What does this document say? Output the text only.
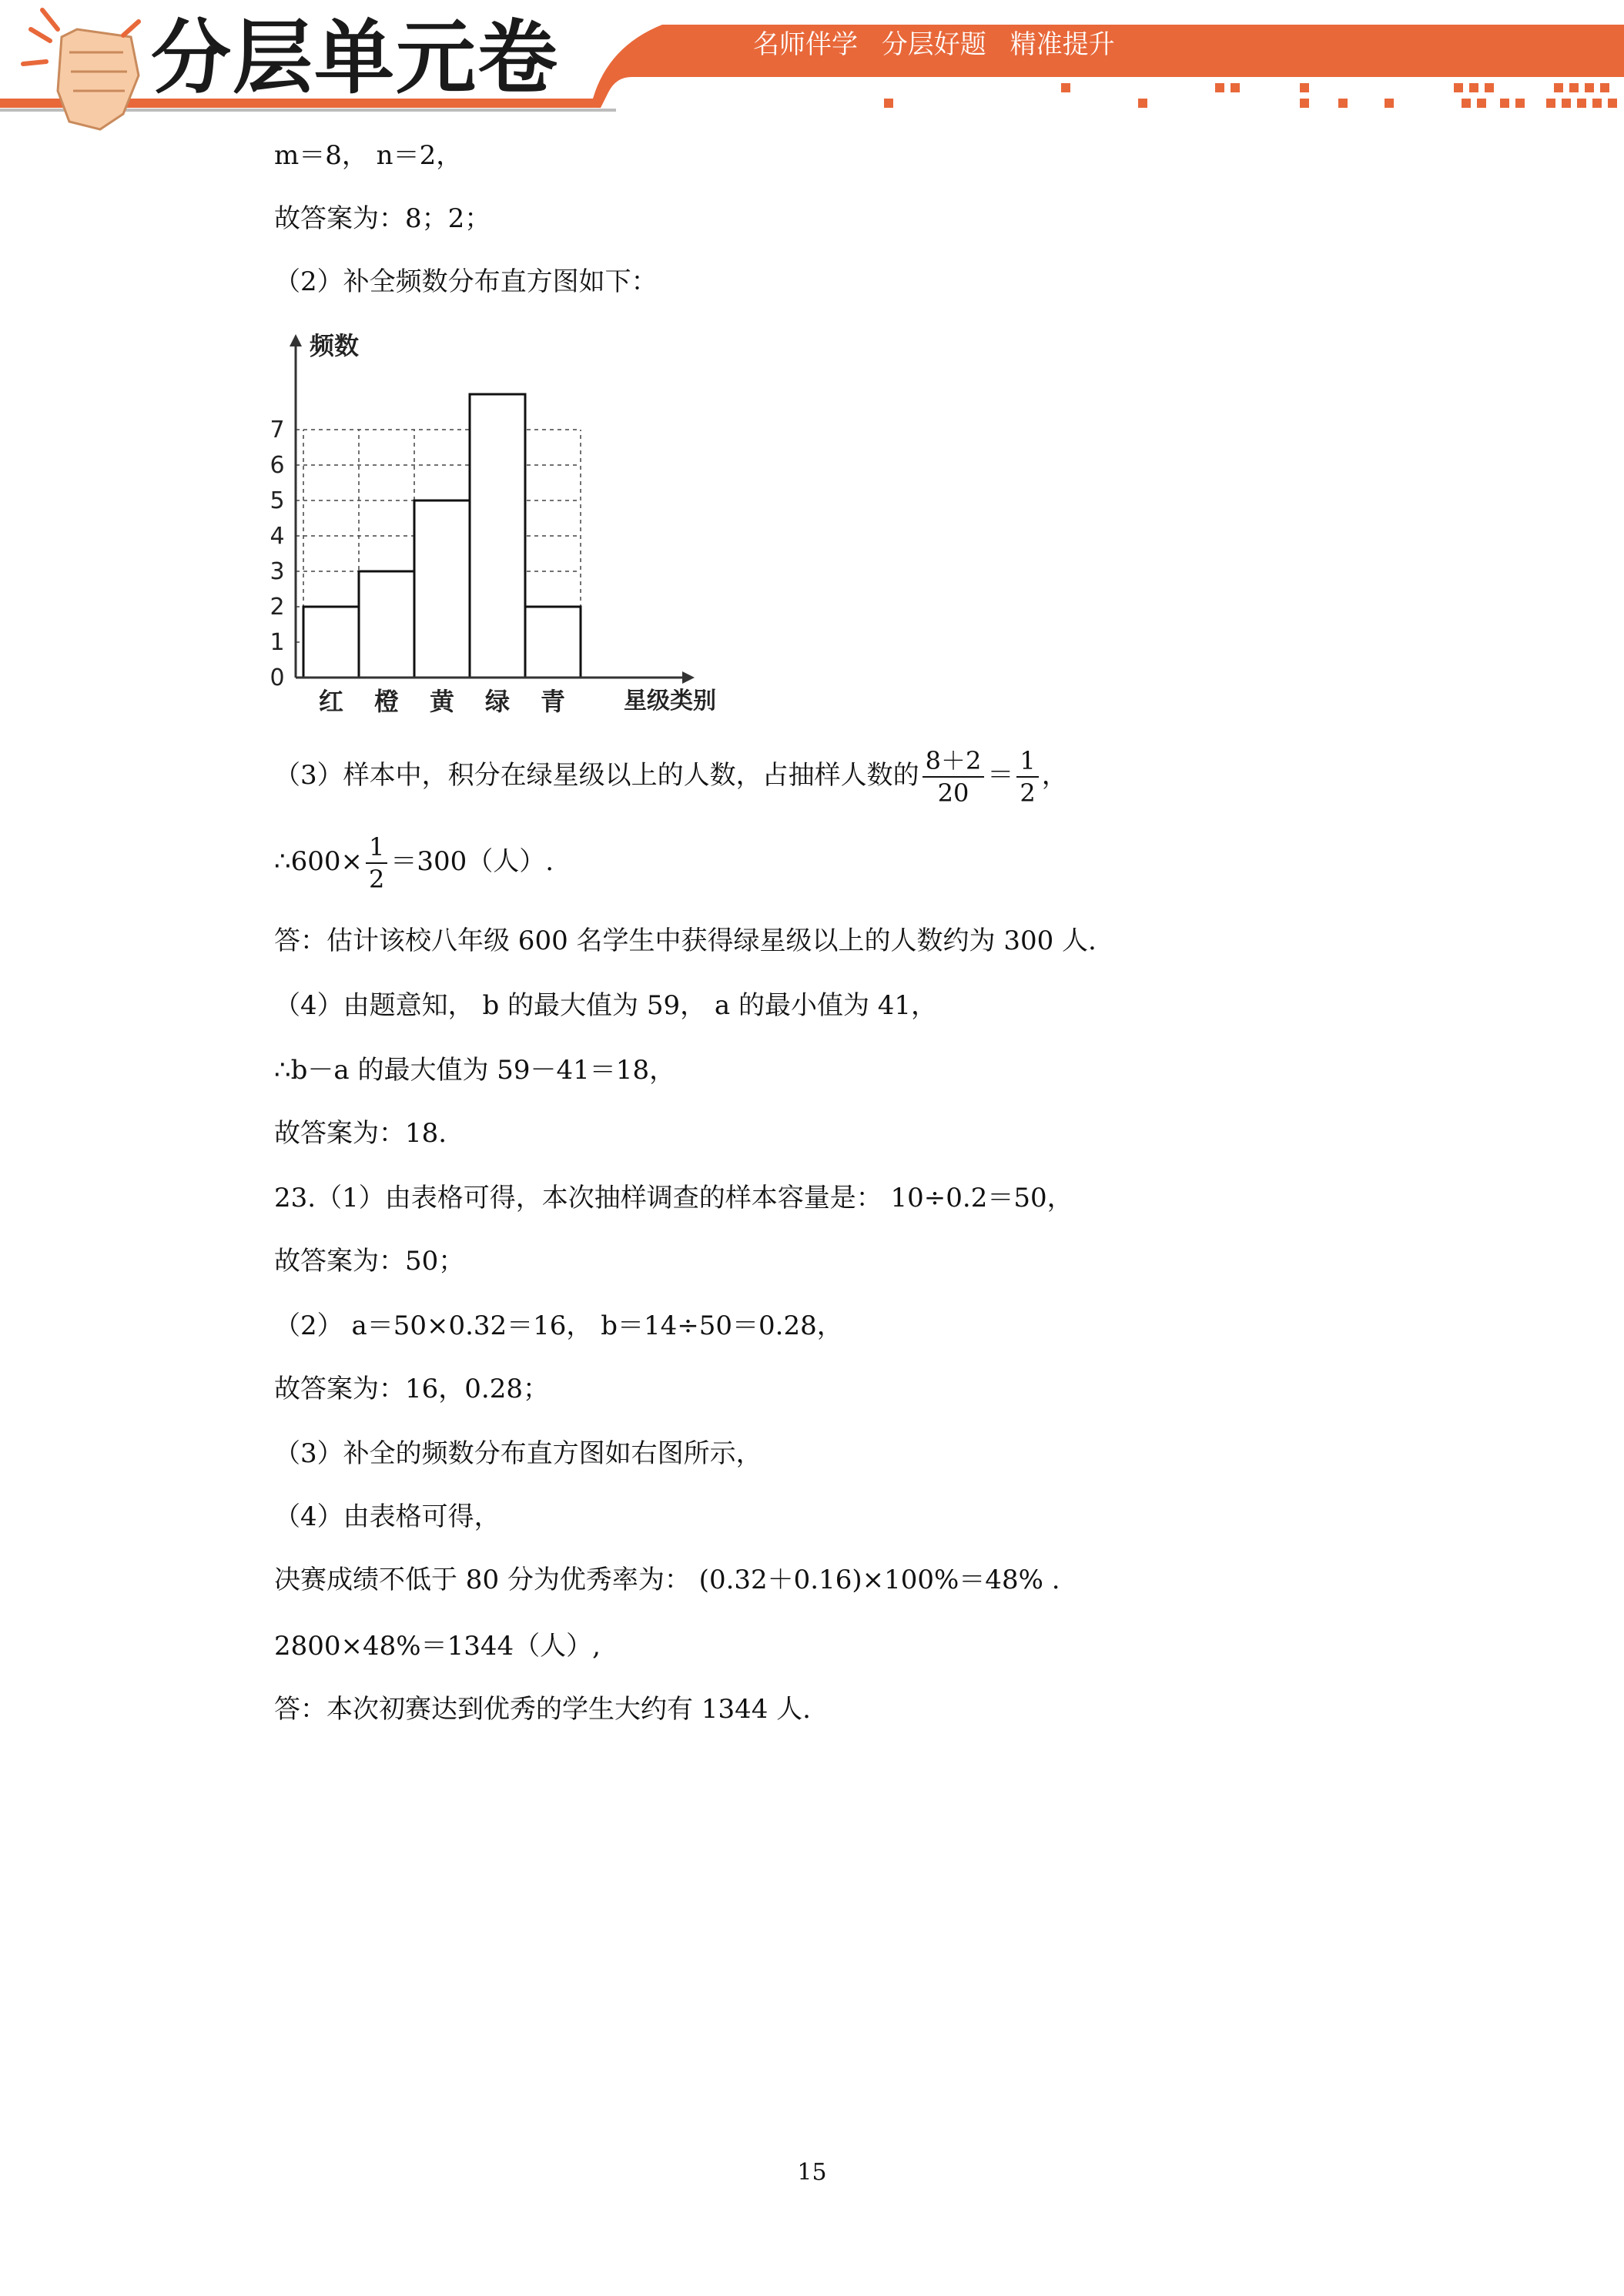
分层单元卷	名师伴学 分层好题 精准提升
m＝8， n＝2，
故答案为：8；2；
（2）补全频数分布直方图如下：
0
1
2
3
4
5
6
7
红 橙 黄 绿 青
频数
星级类别
（3）样本中，积分在绿星级以上的人数，占抽样人数的 $\frac{8+2}{20} = \frac{1}{2}$ ，
∴600× $\frac{1}{2} =300$（人）.
答：估计该校八年级 600 名学生中获得绿星级以上的人数约为 300 人.
（4）由题意知， b 的最大值为 59， a 的最小值为 41，
∴b－a 的最大值为 59－41＝18，
故答案为：18.
23.（1）由表格可得，本次抽样调查的样本容量是： 10÷0.2＝50，
故答案为：50；
（2） a＝50×0.32＝16， b＝14÷50＝0.28，
故答案为：16，0.28；
（3）补全的频数分布直方图如右图所示，
（4）由表格可得，
决赛成绩不低于 80 分为优秀率为： (0.32＋0.16)×100%＝48% .
2800×48%＝1344（人）,
答：本次初赛达到优秀的学生大约有 1344 人.
15
